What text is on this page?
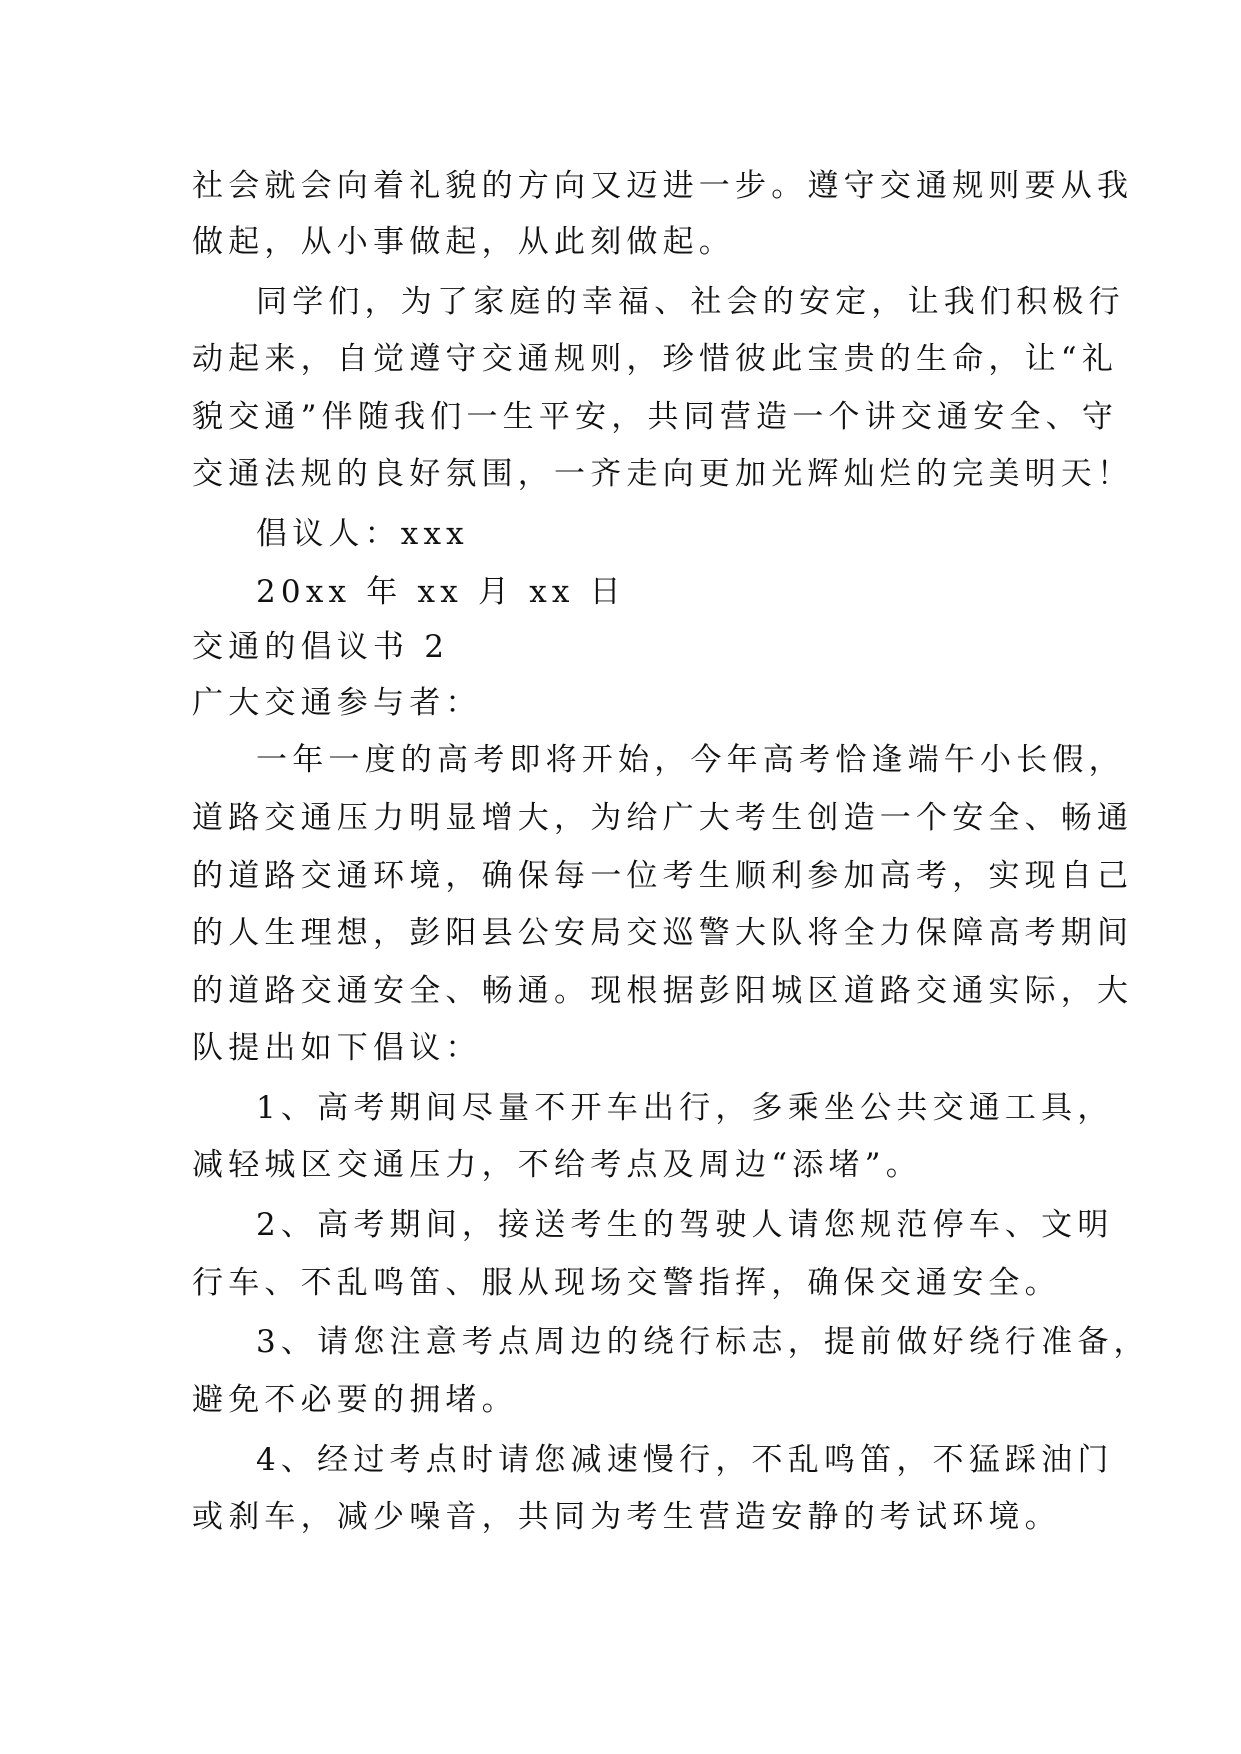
社会就会向着礼貌的方向又迈进一步。遵守交通规则要从我
做起，从小事做起，从此刻做起。
同学们，为了家庭的幸福、社会的安定，让我们积极行
动起来，自觉遵守交通规则，珍惜彼此宝贵的生命，让“礼
貌交通”伴随我们一生平安，共同营造一个讲交通安全、守
交通法规的良好氛围，一齐走向更加光辉灿烂的完美明天！
倡议人：xxx
20xx 年 xx 月 xx 日
交通的倡议书 2
广大交通参与者：
一年一度的高考即将开始，今年高考恰逢端午小长假，
道路交通压力明显增大，为给广大考生创造一个安全、畅通
的道路交通环境，确保每一位考生顺利参加高考，实现自己
的人生理想，彭阳县公安局交巡警大队将全力保障高考期间
的道路交通安全、畅通。现根据彭阳城区道路交通实际，大
队提出如下倡议：
1、高考期间尽量不开车出行，多乘坐公共交通工具，
减轻城区交通压力，不给考点及周边“添堵”。
2、高考期间，接送考生的驾驶人请您规范停车、文明
行车、不乱鸣笛、服从现场交警指挥，确保交通安全。
3、请您注意考点周边的绕行标志，提前做好绕行准备，
避免不必要的拥堵。
4、经过考点时请您减速慢行，不乱鸣笛，不猛踩油门
或刹车，减少噪音，共同为考生营造安静的考试环境。
